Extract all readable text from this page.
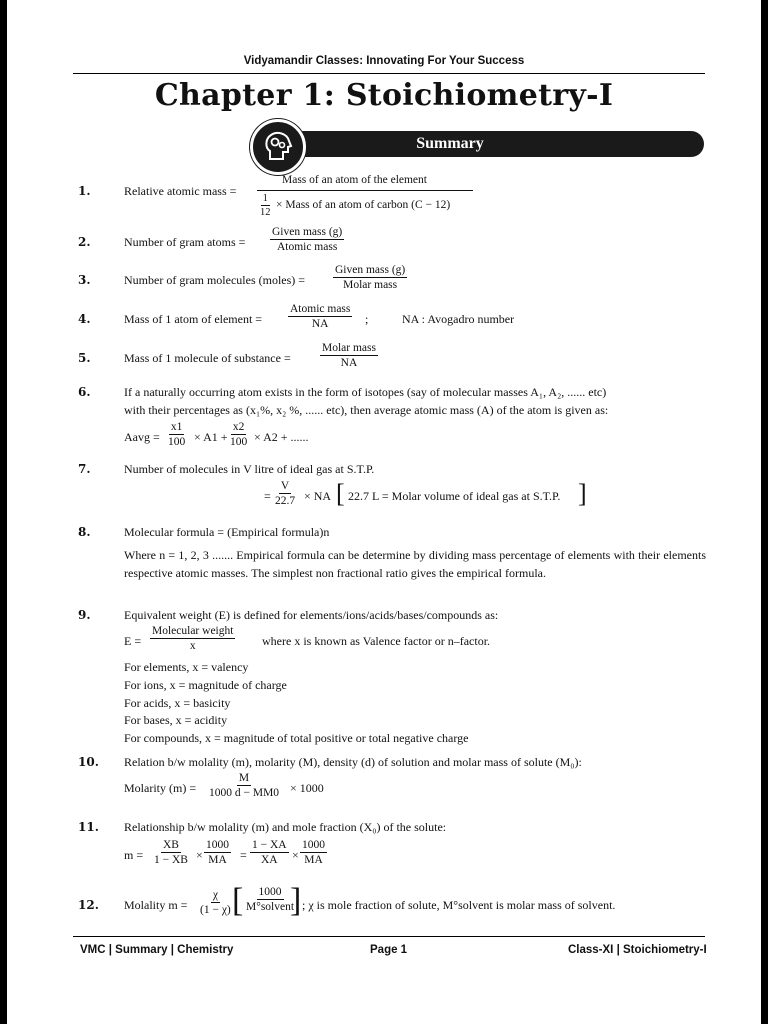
Vidyamandir Classes: Innovating For Your Success
Chapter 1: Stoichiometry-I
Summary
1.	Relative atomic mass =
Mass of an atom of the element
1
12
× Mass of an atom of carbon (C − 12)
2.	Number of gram atoms =
Given mass (g)
Atomic mass
3.	Number of gram molecules (moles) =
Given mass (g)
Molar mass
4.	Mass of 1 atom of element =
Atomic mass
NA	;	NA : Avogadro number
5.	Mass of 1 molecule of substance =
Molar mass
NA
6.	If a naturally occurring atom exists in the form of isotopes (say of molecular masses A₁, A₂, ...... etc)
with their percentages as (x₁%, x₂ %, ...... etc), then average atomic mass (A) of the atom is given as:
Aavg =
x1
100 × A1 +
x2
100 × A2 + ......
7.	Number of molecules in V litre of ideal gas at S.T.P.
=
V
22.7 × NA [ 22.7 L = Molar volume of ideal gas at S.T.P. ]
8.	Molecular formula = (Empirical formula)n
Where n = 1, 2, 3 ....... Empirical formula can be determine by dividing mass percentage of elements with their elements respective atomic masses. The simplest non fractional ratio gives the empirical formula.
9.	Equivalent weight (E) is defined for elements/ions/acids/bases/compounds as:
E =
Molecular weight
x	where x is known as Valence factor or n–factor.
For elements, x = valency
For ions, x = magnitude of charge
For acids, x = basicity
For bases, x = acidity
For compounds, x = magnitude of total positive or total negative charge
10. Relation b/w molality (m), molarity (M), density (d) of solution and molar mass of solute (M₀):
Molarity (m) =
M
1000 d − MM0 × 1000
11. Relationship b/w molality (m) and mole fraction (X₀) of the solute:
m =
XB
1 − XB ×
1000
MA =
1 − XA
XA ×
1000
MA
12. Molality m =
χ
(1 − χ) [ 1000
M°solvent
] ; χ is mole fraction of solute, M°solvent is molar mass of solvent.
VMC | Summary | Chemistry	Page 1	Class-XI | Stoichiometry-I
